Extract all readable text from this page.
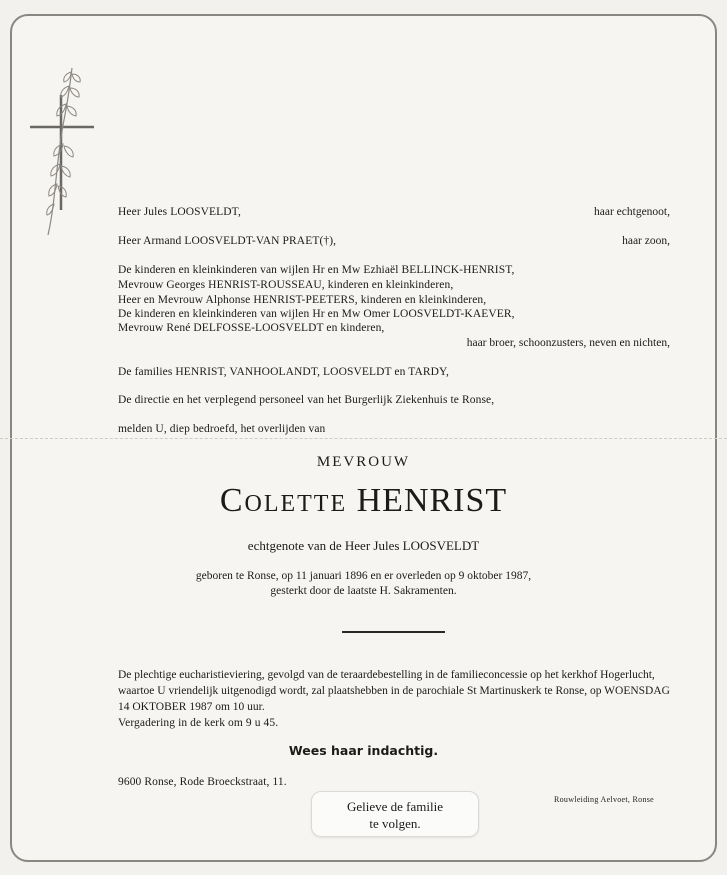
Heer Jules LOOSVELDT,	haar echtgenoot,
Heer Armand LOOSVELDT-VAN PRAET(†),	haar zoon,
De kinderen en kleinkinderen van wijlen Hr en Mw Ezhiaël BELLINCK-HENRIST,
Mevrouw Georges HENRIST-ROUSSEAU, kinderen en kleinkinderen,
Heer en Mevrouw Alphonse HENRIST-PEETERS, kinderen en kleinkinderen,
De kinderen en kleinkinderen van wijlen Hr en Mw Omer LOOSVELDT-KAEVER,
Mevrouw René DELFOSSE-LOOSVELDT en kinderen,
haar broer, schoonzusters, neven en nichten,
De families HENRIST, VANHOOLANDT, LOOSVELDT en TARDY,
De directie en het verplegend personeel van het Burgerlijk Ziekenhuis te Ronse,
melden U, diep bedroefd, het overlijden van
MEVROUW
Colette HENRIST
echtgenote van de Heer Jules LOOSVELDT
geboren te Ronse, op 11 januari 1896 en er overleden op 9 oktober 1987,
gesterkt door de laatste H. Sakramenten.
De plechtige eucharistieviering, gevolgd van de teraardebestelling in de familieconcessie op het kerkhof Hogerlucht, waartoe U vriendelijk uitgenodigd wordt, zal plaatshebben in de parochiale St Martinuskerk te Ronse, op WOENSDAG 14 OKTOBER 1987 om 10 uur.
Vergadering in de kerk om 9 u 45.
Wees haar indachtig.
9600 Ronse, Rode Broeckstraat, 11.
Gelieve de familie
te volgen.
Rouwleiding Aelvoet, Ronse
